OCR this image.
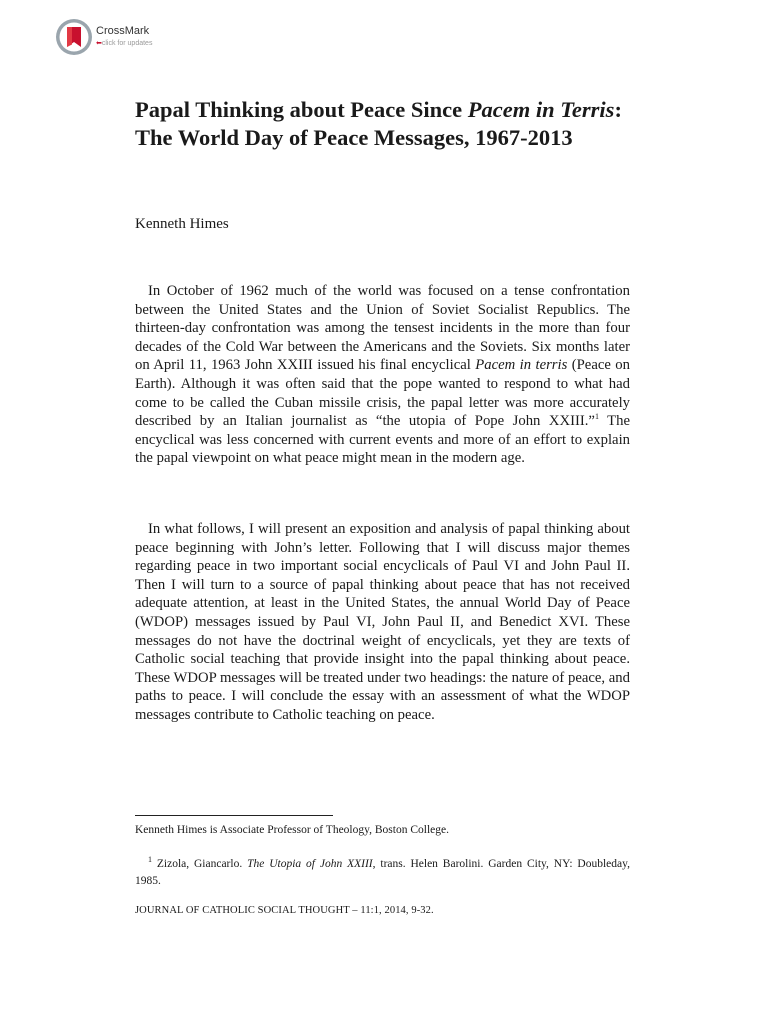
CrossMark
⬅click for updates
Papal Thinking about Peace Since Pacem in Terris: The World Day of Peace Messages, 1967-2013
Kenneth Himes

In October of 1962 much of the world was focused on a tense confrontation between the United States and the Union of Soviet Socialist Republics. The thirteen-day confrontation was among the tensest incidents in the more than four decades of the Cold War between the Americans and the Soviets. Six months later on April 11, 1963 John XXIII issued his final encyclical Pacem in terris (Peace on Earth). Although it was often said that the pope wanted to respond to what had come to be called the Cuban missile crisis, the papal letter was more accurately described by an Italian journalist as “the utopia of Pope John XXIII.”$^1$ The encyclical was less concerned with current events and more of an effort to explain the papal viewpoint on what peace might mean in the modern age.

In what follows, I will present an exposition and analysis of papal thinking about peace beginning with John’s letter. Following that I will discuss major themes regarding peace in two important social encyclicals of Paul VI and John Paul II. Then I will turn to a source of papal thinking about peace that has not received adequate attention, at least in the United States, the annual World Day of Peace (WDOP) messages issued by Paul VI, John Paul II, and Benedict XVI. These messages do not have the doctrinal weight of encyclicals, yet they are texts of Catholic social teaching that provide insight into the papal thinking about peace. These WDOP messages will be treated under two headings: the nature of peace, and paths to peace. I will conclude the essay with an assessment of what the WDOP messages contribute to Catholic teaching on peace.

Kenneth Himes is Associate Professor of Theology, Boston College.

$^1$ Zizola, Giancarlo. The Utopia of John XXIII, trans. Helen Barolini. Garden City, NY: Doubleday, 1985.

JOURNAL OF CATHOLIC SOCIAL THOUGHT – 11:1, 2014, 9-32.
